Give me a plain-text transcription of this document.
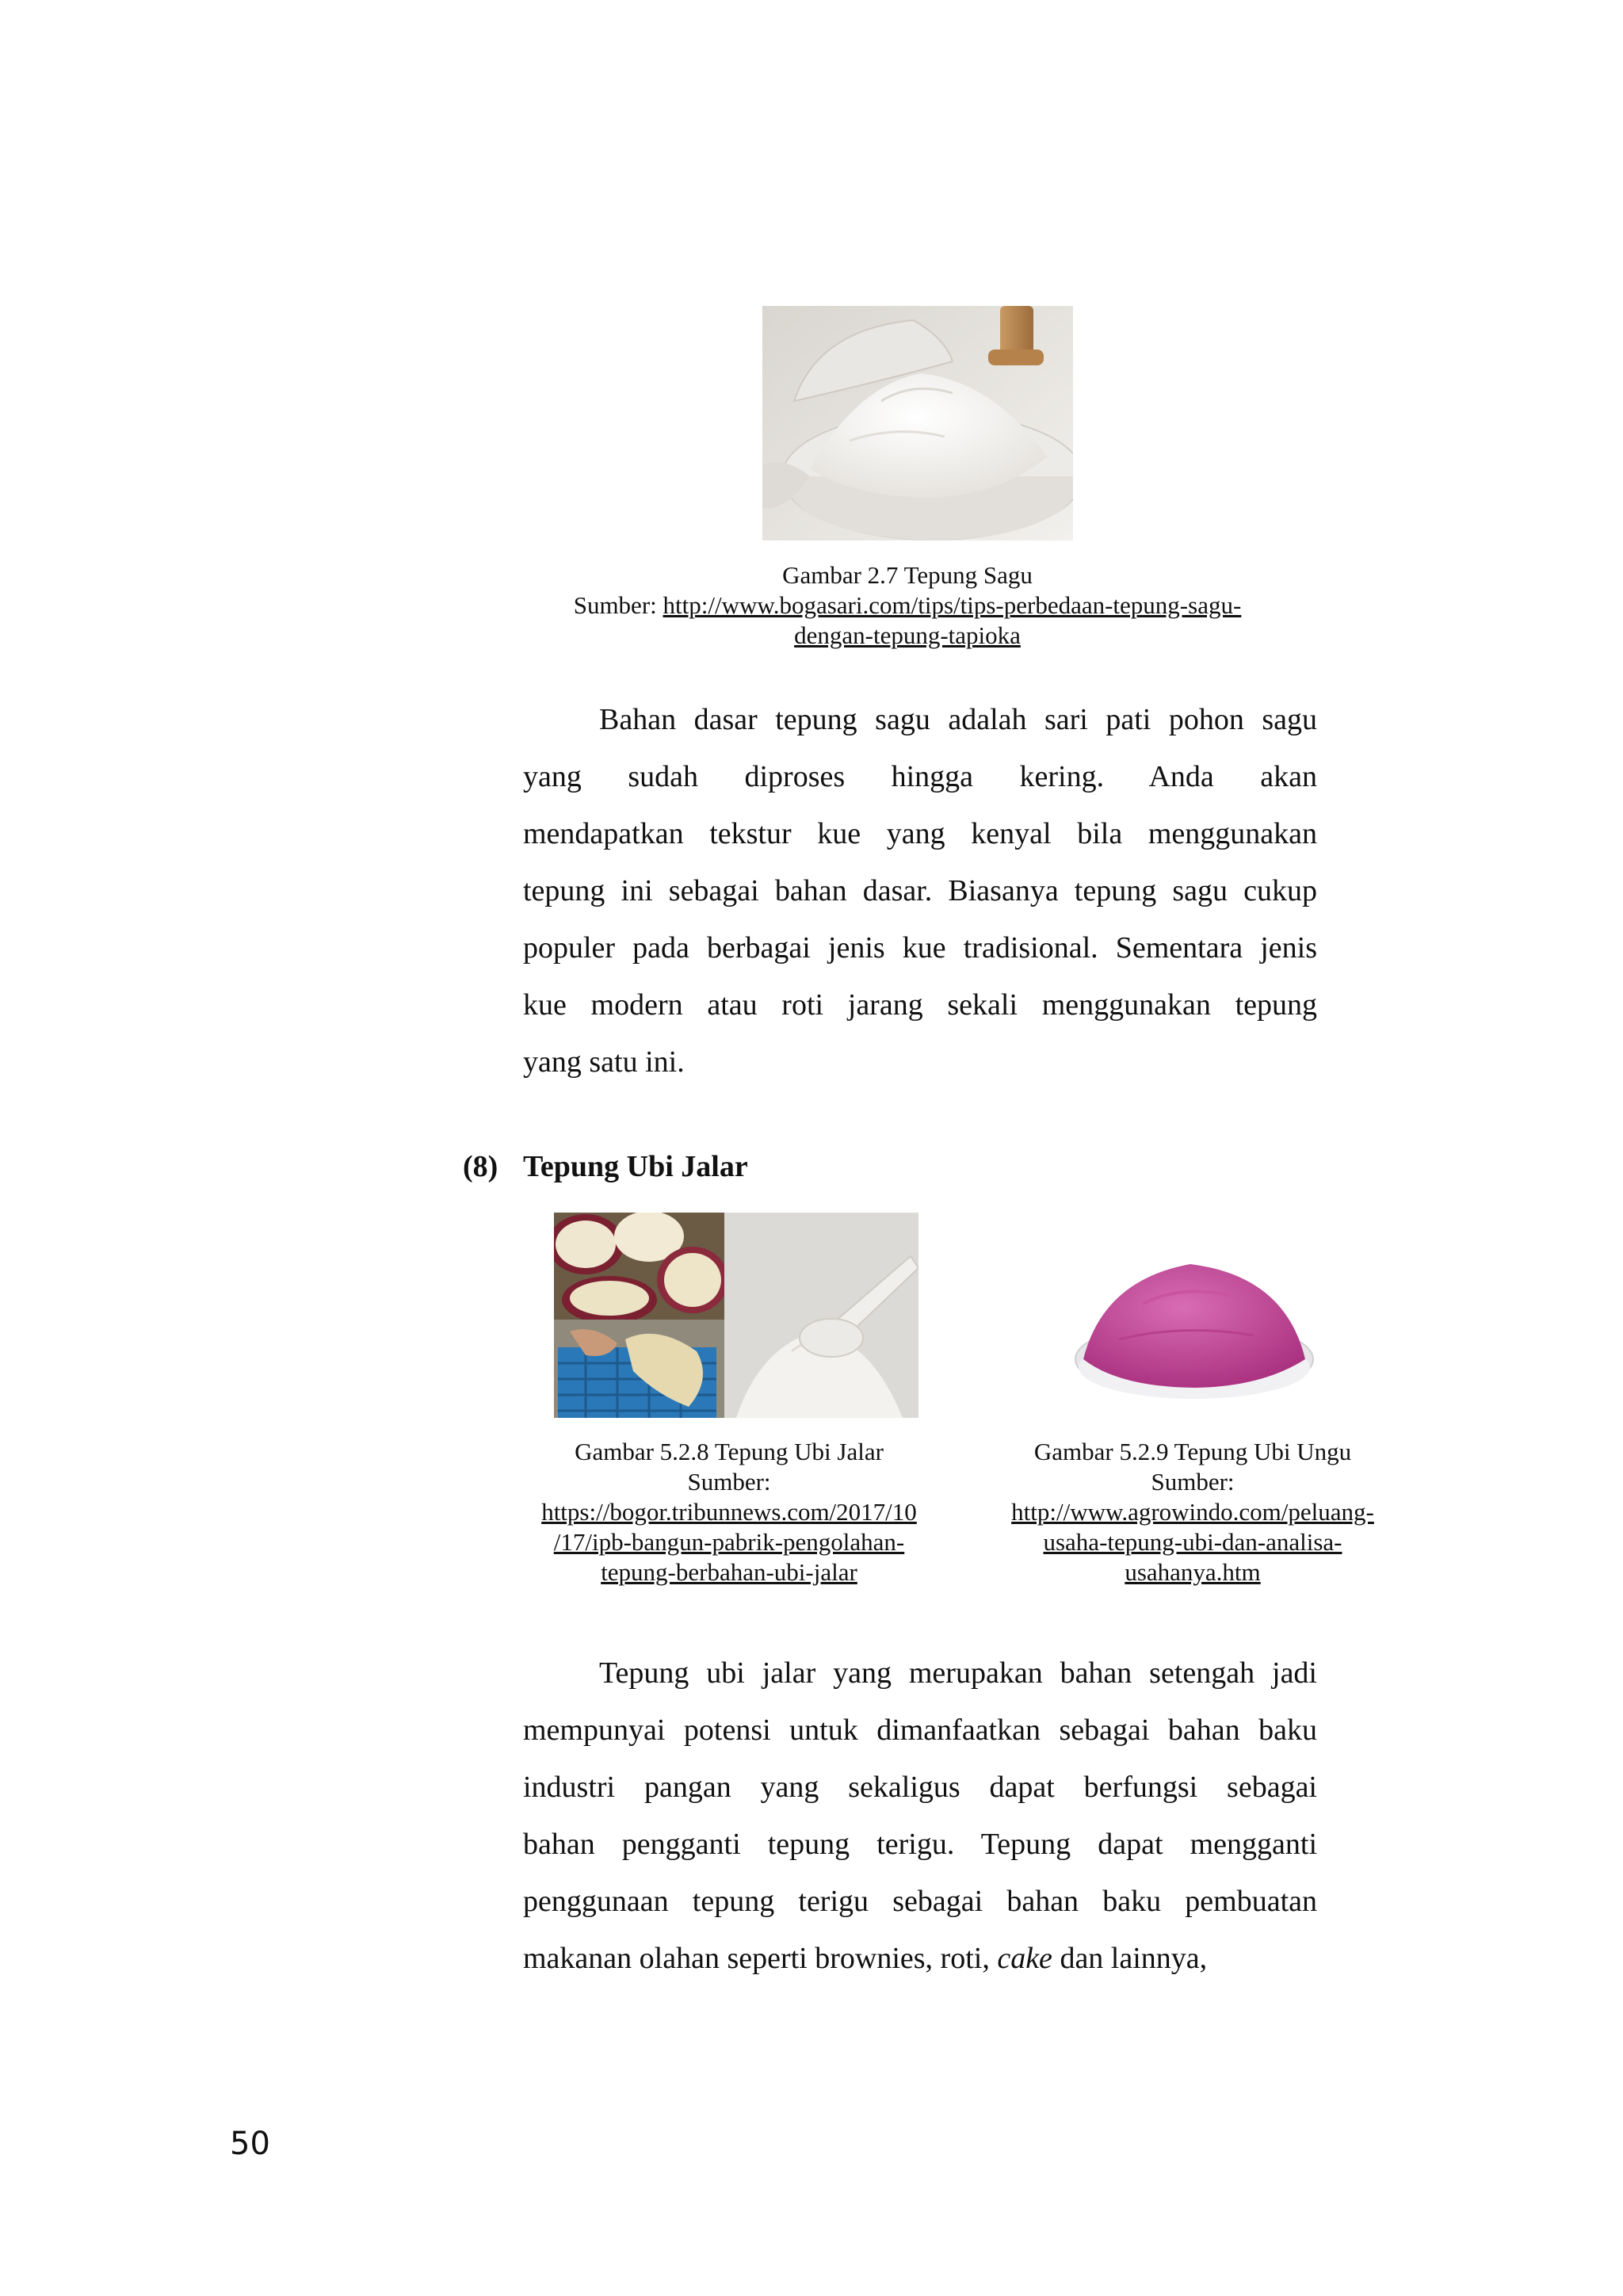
Gambar 2.7 Tepung Sagu
Sumber: http://www.bogasari.com/tips/tips-perbedaan-tepung-sagu-
dengan-tepung-tapioka
Bahan dasar tepung sagu adalah sari pati pohon sagu
yang sudah diproses hingga kering. Anda akan
mendapatkan tekstur kue yang kenyal bila menggunakan
tepung ini sebagai bahan dasar. Biasanya tepung sagu cukup
populer pada berbagai jenis kue tradisional. Sementara jenis
kue modern atau roti jarang sekali menggunakan tepung
yang satu ini.
(8) Tepung Ubi Jalar
Gambar 5.2.8 Tepung Ubi Jalar
Sumber:
https://bogor.tribunnews.com/2017/10
/17/ipb-bangun-pabrik-pengolahan-
tepung-berbahan-ubi-jalar
Gambar 5.2.9 Tepung Ubi Ungu
Sumber:
http://www.agrowindo.com/peluang-
usaha-tepung-ubi-dan-analisa-
usahanya.htm
Tepung ubi jalar yang merupakan bahan setengah jadi
mempunyai potensi untuk dimanfaatkan sebagai bahan baku
industri pangan yang sekaligus dapat berfungsi sebagai
bahan pengganti tepung terigu. Tepung dapat mengganti
penggunaan tepung terigu sebagai bahan baku pembuatan
makanan olahan seperti brownies, roti, cake dan lainnya,
50
